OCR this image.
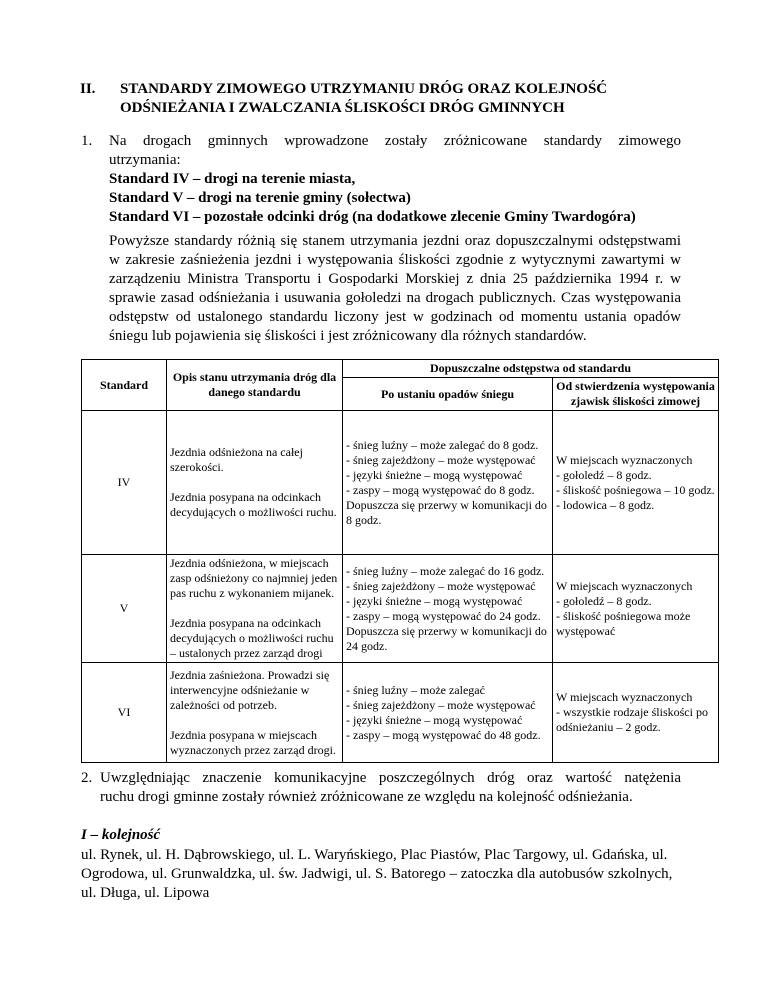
II. STANDARDY ZIMOWEGO UTRZYMANIU DRÓG ORAZ KOLEJNOŚĆ
ODŚNIEŻANIA I ZWALCZANIA ŚLISKOŚCI DRÓG GMINNYCH
1. Na drogach gminnych wprowadzone zostały zróżnicowane standardy zimowego
utrzymania:
Standard IV – drogi na terenie miasta,
Standard V – drogi na terenie gminy (sołectwa)
Standard VI – pozostałe odcinki dróg (na dodatkowe zlecenie Gminy Twardogóra)
Powyższe standardy różnią się stanem utrzymania jezdni oraz dopuszczalnymi odstępstwami w zakresie zaśnieżenia jezdni i występowania śliskości zgodnie z wytycznymi zawartymi w zarządzeniu Ministra Transportu i Gospodarki Morskiej z dnia 25 października 1994 r. w sprawie zasad odśnieżania i usuwania gołoledzi na drogach publicznych. Czas występowania odstępstw od ustalonego standardu liczony jest w godzinach od momentu ustania opadów śniegu lub pojawienia się śliskości i jest zróżnicowany dla różnych standardów.
Standard	Opis stanu utrzymania dróg dla danego standardu	Dopuszczalne odstępstwa od standardu	
		Po ustaniu opadów śniegu	Od stwierdzenia występowania zjawisk śliskości zimowej
IV	Jezdnia odśnieżona na całej szerokości.
Jezdnia posypana na odcinkach decydujących o możliwości ruchu.	- śnieg luźny – może zalegać do 8 godz.
- śnieg zajeżdżony – może występować
- języki śnieżne – mogą występować
- zaspy – mogą występować do 8 godz.
Dopuszcza się przerwy w komunikacji do 8 godz.	W miejscach wyznaczonych
- gołoledź – 8 godz.
- śliskość pośniegowa – 10 godz.
- lodowica – 8 godz.

V	Jezdnia odśnieżona, w miejscach zasp odśnieżony co najmniej jeden pas ruchu z wykonaniem mijanek.
Jezdnia posypana na odcinkach decydujących o możliwości ruchu – ustalonych przez zarząd drogi	- śnieg luźny – może zalegać do 16 godz.
- śnieg zajeżdżony – może występować
- języki śnieżne – mogą występować
- zaspy – mogą występować do 24 godz.
Dopuszcza się przerwy w komunikacji do 24 godz.	W miejscach wyznaczonych
- gołoledź – 8 godz.
- śliskość pośniegowa może występować

VI	Jezdnia zaśnieżona. Prowadzi się interwencyjne odśnieżanie w zależności od potrzeb.
Jezdnia posypana w miejscach wyznaczonych przez zarząd drogi.	- śnieg luźny – może zalegać
- śnieg zajeżdżony – może występować
- języki śnieżne – mogą występować
- zaspy – mogą występować do 48 godz.	W miejscach wyznaczonych
- wszystkie rodzaje śliskości po odśnieżaniu – 2 godz.
2. Uwzględniając znaczenie komunikacyjne poszczególnych dróg oraz wartość natężenia
ruchu drogi gminne zostały również zróżnicowane ze względu na kolejność odśnieżania.
I – kolejność
ul. Rynek, ul. H. Dąbrowskiego, ul. L. Waryńskiego, Plac Piastów, Plac Targowy, ul. Gdańska, ul. Ogrodowa, ul. Grunwaldzka, ul. św. Jadwigi, ul. S. Batorego – zatoczka dla autobusów szkolnych, ul. Długa, ul. Lipowa
